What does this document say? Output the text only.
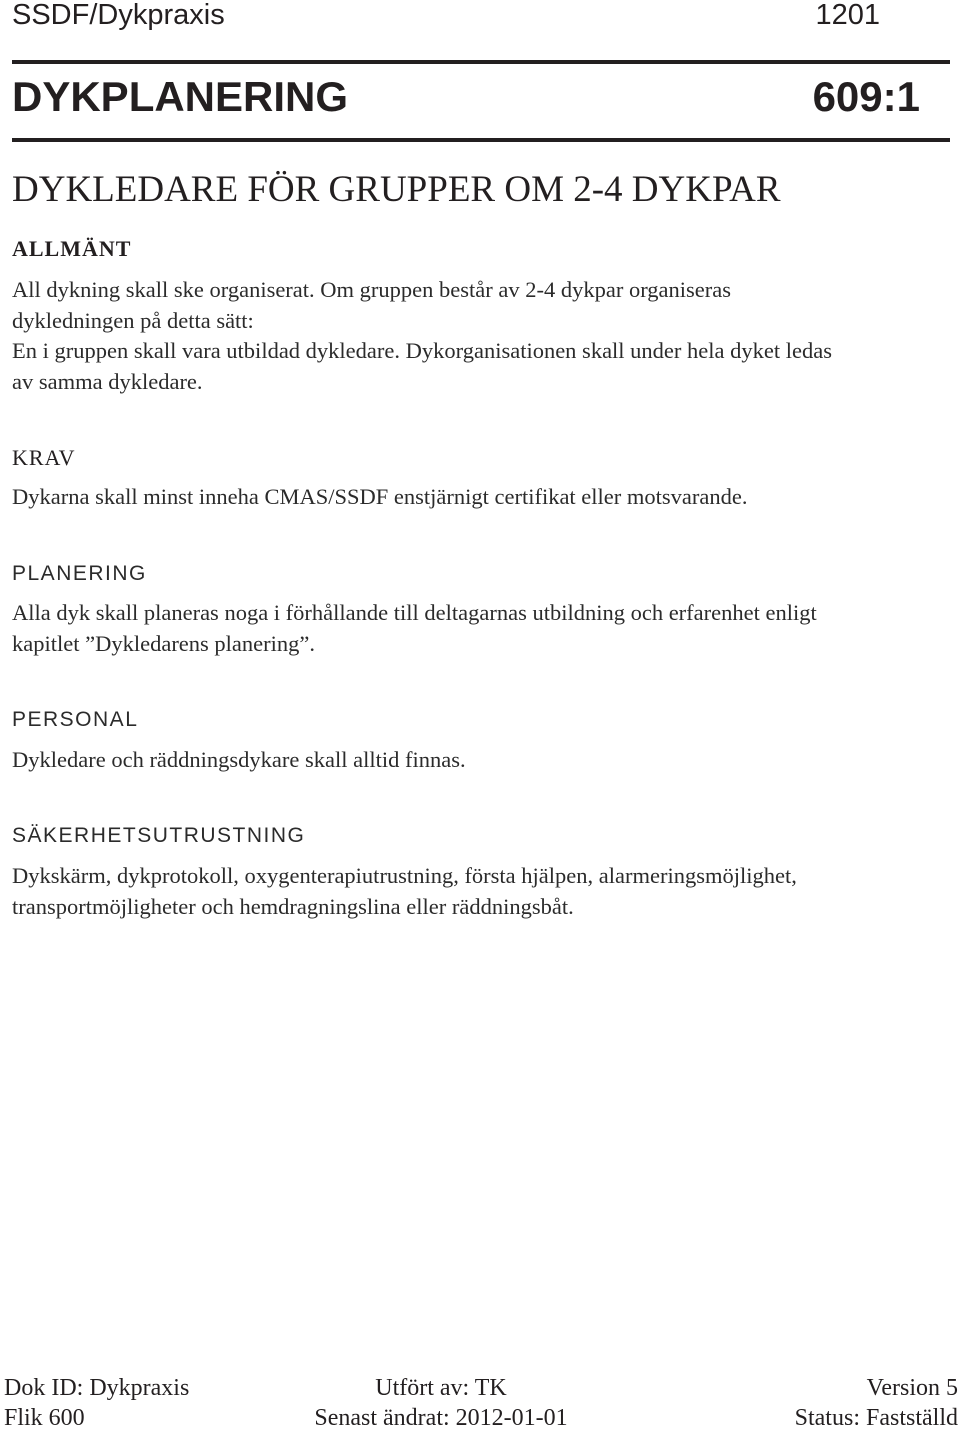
SSDF/Dykpraxis	1201
DYKPLANERING	609:1
DYKLEDARE FÖR GRUPPER OM 2-4 DYKPAR
ALLMÄNT
All dykning skall ske organiserat. Om gruppen består av 2-4 dykpar organiseras
dykledningen på detta sätt:
En i gruppen skall vara utbildad dykledare. Dykorganisationen skall under hela dyket ledas
av samma dykledare.
KRAV
Dykarna skall minst inneha CMAS/SSDF enstjärnigt certifikat eller motsvarande.
PLANERING
Alla dyk skall planeras noga i förhållande till deltagarnas utbildning och erfarenhet enligt
kapitlet ”Dykledarens planering”.
PERSONAL
Dykledare och räddningsdykare skall alltid finnas.
SÄKERHETSUTRUSTNING
Dykskärm, dykprotokoll, oxygenterapiutrustning, första hjälpen, alarmeringsmöjlighet,
transportmöjligheter och hemdragningslina eller räddningsbåt.
Dok ID: Dykpraxis	Utfört av: TK	Version 5
Flik 600	Senast ändrat: 2012-01-01	Status: Fastställd
